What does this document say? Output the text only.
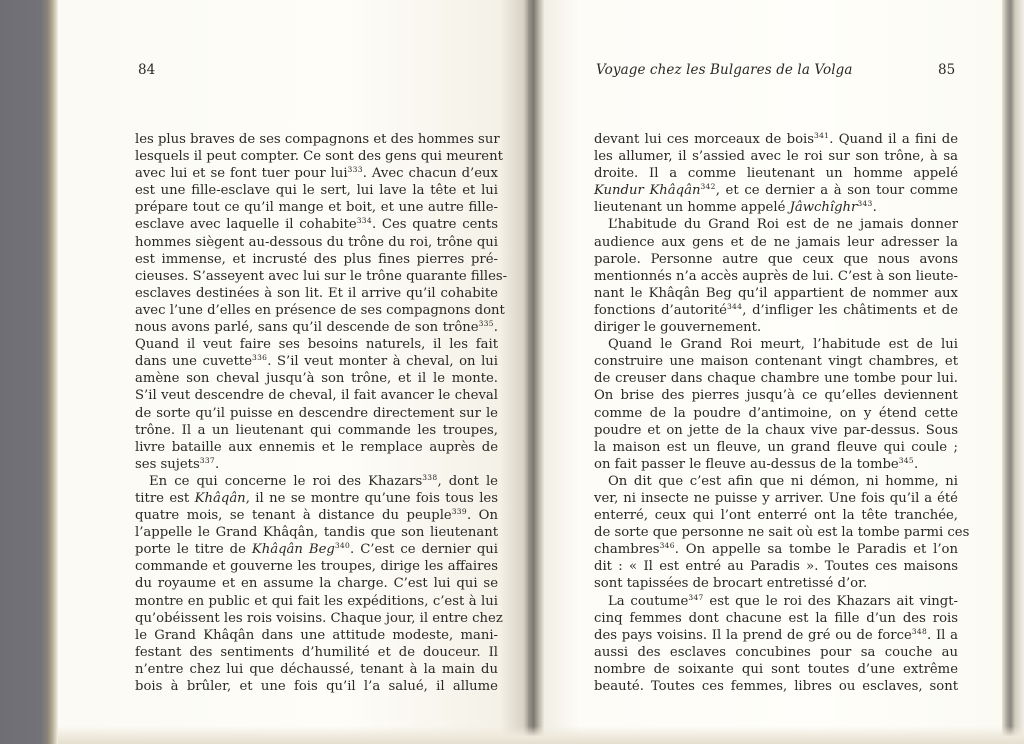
84
les plus braves de ses compagnons et des hommes sur
lesquels il peut compter. Ce sont des gens qui meurent
avec lui et se font tuer pour lui$^{333}$. Avec chacun d’eux
est une fille-esclave qui le sert, lui lave la tête et lui
prépare tout ce qu’il mange et boit, et une autre fille-
esclave avec laquelle il cohabite$^{334}$. Ces quatre cents
hommes siègent au-dessous du trône du roi, trône qui
est immense, et incrusté des plus fines pierres pré-
cieuses. S’asseyent avec lui sur le trône quarante filles-
esclaves destinées à son lit. Et il arrive qu’il cohabite
avec l’une d’elles en présence de ses compagnons dont
nous avons parlé, sans qu’il descende de son trône$^{335}$.
Quand il veut faire ses besoins naturels, il les fait
dans une cuvette$^{336}$. S’il veut monter à cheval, on lui
amène son cheval jusqu’à son trône, et il le monte.
S’il veut descendre de cheval, il fait avancer le cheval
de sorte qu’il puisse en descendre directement sur le
trône. Il a un lieutenant qui commande les troupes,
livre bataille aux ennemis et le remplace auprès de
ses sujets$^{337}$.
En ce qui concerne le roi des Khazars$^{338}$, dont le
titre est Khâqân, il ne se montre qu’une fois tous les
quatre mois, se tenant à distance du peuple$^{339}$. On
l’appelle le Grand Khâqân, tandis que son lieutenant
porte le titre de Khâqân Beg$^{340}$. C’est ce dernier qui
commande et gouverne les troupes, dirige les affaires
du royaume et en assume la charge. C’est lui qui se
montre en public et qui fait les expéditions, c’est à lui
qu’obéissent les rois voisins. Chaque jour, il entre chez
le Grand Khâqân dans une attitude modeste, mani-
festant des sentiments d’humilité et de douceur. Il
n’entre chez lui que déchaussé, tenant à la main du
bois à brûler, et une fois qu’il l’a salué, il allume
Voyage chez les Bulgares de la Volga	85
devant lui ces morceaux de bois$^{341}$. Quand il a fini de
les allumer, il s’assied avec le roi sur son trône, à sa
droite. Il a comme lieutenant un homme appelé
Kundur Khâqân$^{342}$, et ce dernier a à son tour comme
lieutenant un homme appelé Jâwchîghr$^{343}$.
L’habitude du Grand Roi est de ne jamais donner
audience aux gens et de ne jamais leur adresser la
parole. Personne autre que ceux que nous avons
mentionnés n’a accès auprès de lui. C’est à son lieute-
nant le Khâqân Beg qu’il appartient de nommer aux
fonctions d’autorité$^{344}$, d’infliger les châtiments et de
diriger le gouvernement.
Quand le Grand Roi meurt, l’habitude est de lui
construire une maison contenant vingt chambres, et
de creuser dans chaque chambre une tombe pour lui.
On brise des pierres jusqu’à ce qu’elles deviennent
comme de la poudre d’antimoine, on y étend cette
poudre et on jette de la chaux vive par-dessus. Sous
la maison est un fleuve, un grand fleuve qui coule ;
on fait passer le fleuve au-dessus de la tombe$^{345}$.
On dit que c’est afin que ni démon, ni homme, ni
ver, ni insecte ne puisse y arriver. Une fois qu’il a été
enterré, ceux qui l’ont enterré ont la tête tranchée,
de sorte que personne ne sait où est la tombe parmi ces
chambres$^{346}$. On appelle sa tombe le Paradis et l’on
dit : « Il est entré au Paradis ». Toutes ces maisons
sont tapissées de brocart entretissé d’or.
La coutume$^{347}$ est que le roi des Khazars ait vingt-
cinq femmes dont chacune est la fille d’un des rois
des pays voisins. Il la prend de gré ou de force$^{348}$. Il a
aussi des esclaves concubines pour sa couche au
nombre de soixante qui sont toutes d’une extrême
beauté. Toutes ces femmes, libres ou esclaves, sont
